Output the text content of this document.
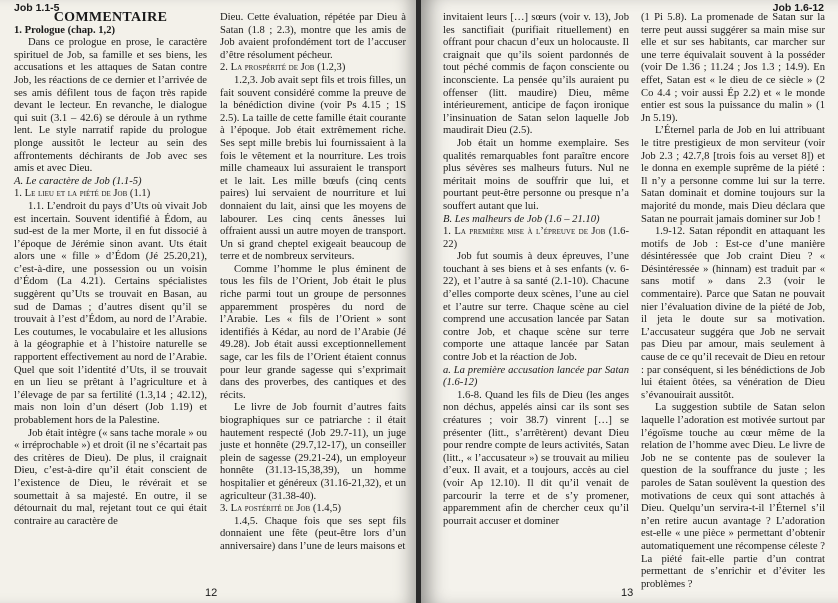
Job 1.1-5

COMMENTAIRE

1. Prologue (chap. 1,2)

Dans ce prologue en prose, le caractère spirituel de Job, sa famille et ses biens, les accusations et les attaques de Satan contre Job, les réactions de ce dernier et l’arrivée de ses amis défilent tous de façon très rapide devant le lecteur. En revanche, le dialogue qui suit (3.1 – 42.6) se déroule à un rythme lent. Le style narratif rapide du prologue plonge aussitôt le lecteur au sein des affrontements déchirants de Job avec ses amis et avec Dieu.

A. Le caractère de Job (1.1-5)

1. Le lieu et la piété de Job (1.1)

1.1. L’endroit du pays d’Uts où vivait Job est incertain. Souvent identifié à Édom, au sud-est de la mer Morte, il en fut dissocié à l’époque de Jérémie sinon avant. Uts était alors une « fille » d’Édom (Jé 25.20,21), c’est-à-dire, une possession ou un voisin d’Édom (La 4.21). Certains spécialistes suggèrent qu’Uts se trouvait en Basan, au sud de Damas ; d’autres disent qu’il se trouvait à l’est d’Édom, au nord de l’Arabie. Les coutumes, le vocabulaire et les allusions à la géographie et à l’histoire naturelle se rapportent effectivement au nord de l’Arabie. Quel que soit l’identité d’Uts, il se trouvait en un lieu se prêtant à l’agriculture et à l’élevage de par sa fertilité (1.3,14 ; 42.12), mais non loin d’un désert (Job 1.19) et probablement hors de la Palestine.

Job était intègre (« sans tache morale » ou « irréprochable ») et droit (il ne s’écartait pas des critères de Dieu). De plus, il craignait Dieu, c’est-à-dire qu’il était conscient de l’existence de Dieu, le révérait et se soumettait à sa majesté. En outre, il se détournait du mal, rejetant tout ce qui était contraire au caractère de

Dieu. Cette évaluation, répétée par Dieu à Satan (1.8 ; 2.3), montre que les amis de Job avaient profondément tort de l’accuser d’être résolument pécheur.

2. La prospérité de Job (1.2,3)

1.2,3. Job avait sept fils et trois filles, un fait souvent considéré comme la preuve de la bénédiction divine (voir Ps 4.15 ; 1S 2.5). La taille de cette famille était courante à l’époque. Job était extrêmement riche. Ses sept mille brebis lui fournissaient à la fois le vêtement et la nourriture. Les trois mille chameaux lui assuraient le transport et le lait. Les mille bœufs (cinq cents paires) lui servaient de nourriture et lui donnaient du lait, ainsi que les moyens de labourer. Les cinq cents ânesses lui offraient aussi un autre moyen de transport. Un si grand cheptel exigeait beaucoup de terre et de nombreux serviteurs.

Comme l’homme le plus éminent de tous les fils de l’Orient, Job était le plus riche parmi tout un groupe de personnes apparemment prospères du nord de l’Arabie. Les « fils de l’Orient » sont identifiés à Kédar, au nord de l’Arabie (Jé 49.28). Job était aussi exceptionnellement sage, car les fils de l’Orient étaient connus pour leur grande sagesse qui s’exprimait dans des proverbes, des cantiques et des récits.

Le livre de Job fournit d’autres faits biographiques sur ce patriarche : il était hautement respecté (Job 29.7-11), un juge juste et honnête (29.7,12-17), un conseiller plein de sagesse (29.21-24), un employeur honnête (31.13-15,38,39), un homme hospitalier et généreux (31.16-21,32), et un agriculteur (31.38-40).

3. La postérité de Job (1.4,5)

1.4,5. Chaque fois que ses sept fils donnaient une fête (peut-être lors d’un anniversaire) dans l’une de leurs maisons et

12
Job 1.6-12

invitaient leurs […] sœurs (voir v. 13), Job les sanctifiait (purifiait rituellement) en offrant pour chacun d’eux un holocauste. Il craignait que qu’ils soient pardonnés de tout péché commis de façon consciente ou inconsciente. La pensée qu’ils auraient pu offenser (litt. maudire) Dieu, même intérieurement, anticipe de façon ironique l’insinuation de Satan selon laquelle Job maudirait Dieu (2.5).

Job était un homme exemplaire. Ses qualités remarquables font paraître encore plus sévères ses malheurs futurs. Nul ne méritait moins de souffrir que lui, et pourtant peut-être personne ou presque n’a souffert autant que lui.

B. Les malheurs de Job (1.6 – 21.10)

1. La première mise à l’épreuve de Job (1.6-22)

Job fut soumis à deux épreuves, l’une touchant à ses biens et à ses enfants (v. 6-22), et l’autre à sa santé (2.1-10). Chacune d’elles comporte deux scènes, l’une au ciel et l’autre sur terre. Chaque scène au ciel comprend une accusation lancée par Satan contre Job, et chaque scène sur terre comporte une attaque lancée par Satan contre Job et la réaction de Job.

a. La première accusation lancée par Satan (1.6-12)

1.6-8. Quand les fils de Dieu (les anges non déchus, appelés ainsi car ils sont ses créatures ; voir 38.7) vinrent […] se présenter (litt., s’arrêtèrent) devant Dieu pour rendre compte de leurs activités, Satan (litt., « l’accusateur ») se trouvait au milieu d’eux. Il avait, et a toujours, accès au ciel (voir Ap 12.10). Il dit qu’il venait de parcourir la terre et de s’y promener, apparemment afin de chercher ceux qu’il pourrait accuser et dominer

(1 Pi 5.8). La promenade de Satan sur la terre peut aussi suggérer sa main mise sur elle et sur ses habitants, car marcher sur une terre équivalait souvent à la posséder (voir De 1.36 ; 11.24 ; Jos 1.3 ; 14.9). En effet, Satan est « le dieu de ce siècle » (2 Co 4.4 ; voir aussi Ép 2.2) et « le monde entier est sous la puissance du malin » (1 Jn 5.19).

L’Éternel parla de Job en lui attribuant le titre prestigieux de mon serviteur (voir Job 2.3 ; 42.7,8 [trois fois au verset 8]) et le donna en exemple suprême de la piété : Il n’y a personne comme lui sur la terre. Satan dominait et domine toujours sur la majorité du monde, mais Dieu déclara que Satan ne pourrait jamais dominer sur Job !

1.9-12. Satan répondit en attaquant les motifs de Job : Est-ce d’une manière désintéressée que Job craint Dieu ? « Désintéressée » (hinnam) est traduit par « sans motif » dans 2.3 (voir le commentaire). Parce que Satan ne pouvait nier l’évaluation divine de la piété de Job, il jeta le doute sur sa motivation. L’accusateur suggéra que Job ne servait pas Dieu par amour, mais seulement à cause de ce qu’il recevait de Dieu en retour : par conséquent, si les bénédictions de Job lui étaient ôtées, sa vénération de Dieu s’évanouirait aussitôt.

La suggestion subtile de Satan selon laquelle l’adoration est motivée surtout par l’égoïsme touche au cœur même de la relation de l’homme avec Dieu. Le livre de Job ne se contente pas de soulever la question de la souffrance du juste ; les paroles de Satan soulèvent la question des motivations de ceux qui sont attachés à Dieu. Quelqu’un servira-t-il l’Éternel s’il n’en retire aucun avantage ? L’adoration est-elle « une pièce » permettant d’obtenir automatiquement une récompense céleste ? La piété fait-elle partie d’un contrat permettant de s’enrichir et d’éviter les problèmes ?

13
